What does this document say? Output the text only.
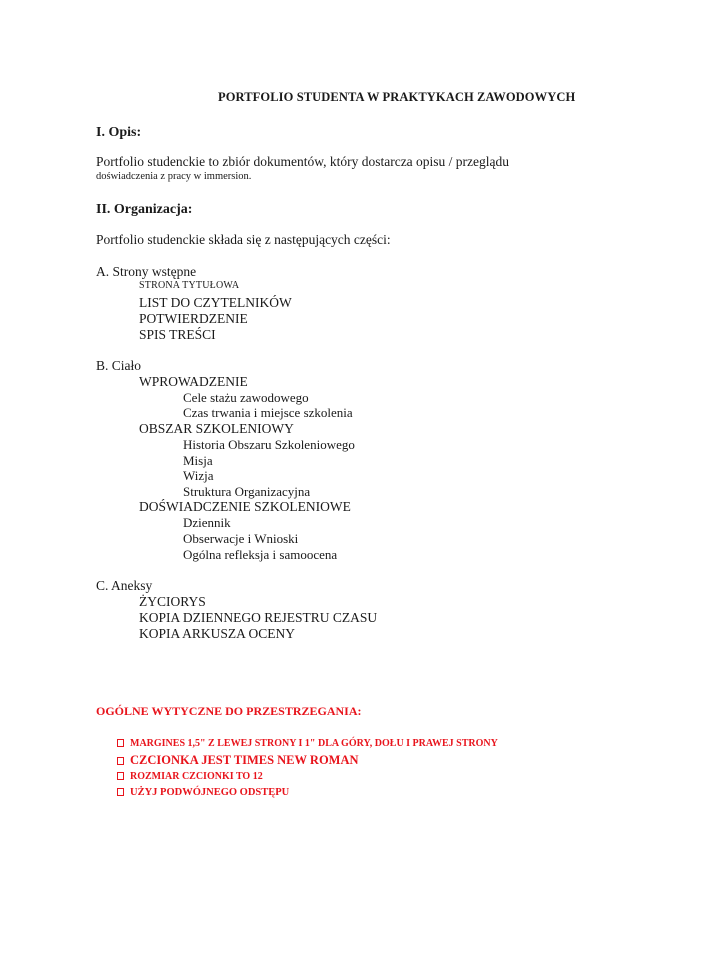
PORTFOLIO STUDENTA W PRAKTYKACH ZAWODOWYCH
I. Opis:
Portfolio studenckie to zbiór dokumentów, który dostarcza opisu / przeglądu
doświadczenia z pracy w immersion.
II. Organizacja:
Portfolio studenckie składa się z następujących części:
A. Strony wstępne
STRONA TYTUŁOWA
LIST DO CZYTELNIKÓW
POTWIERDZENIE
SPIS TREŚCI
B. Ciało
WPROWADZENIE
Cele stażu zawodowego
Czas trwania i miejsce szkolenia
OBSZAR SZKOLENIOWY
Historia Obszaru Szkoleniowego
Misja
Wizja
Struktura Organizacyjna
DOŚWIADCZENIE SZKOLENIOWE
Dziennik
Obserwacje i Wnioski
Ogólna refleksja i samoocena
C. Aneksy
ŻYCIORYS
KOPIA DZIENNEGO REJESTRU CZASU
KOPIA ARKUSZA OCENY
OGÓLNE WYTYCZNE DO PRZESTRZEGANIA:
MARGINES 1,5" Z LEWEJ STRONY I 1" DLA GÓRY, DOŁU I PRAWEJ STRONY
CZCIONKA JEST TIMES NEW ROMAN
ROZMIAR CZCIONKI TO 12
UŻYJ PODWÓJNEGO ODSTĘPU
